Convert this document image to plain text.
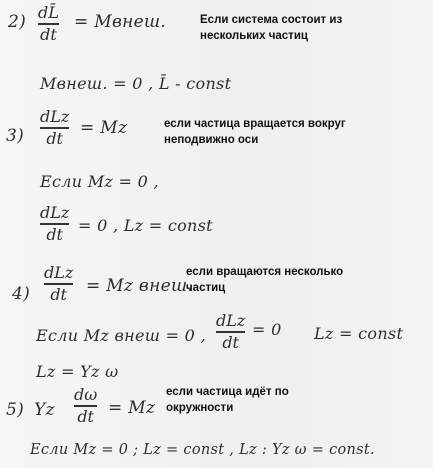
2) dL̄
dt
= Мвнеш.	Если система состоит из
нескольких частиц
Мвнеш. = 0 , L̄ - const
3)
dLz
dt = Mz	если частица вращается вокруг
неподвижно оси
Если Mz = 0 ,
dLz
dt = 0 , Lz = const
4)
dLz
dt = Mz внеш.
если вращаются несколько
частиц
Если Mz внеш = 0 ,
dLz
dt
= 0 Lz = const
Lz = Yz ω
5) Yz
dω
dt = Mz
если частица идёт по
окружности
Если Mz = 0 ; Lz = const , Lz : Yz ω = const.
